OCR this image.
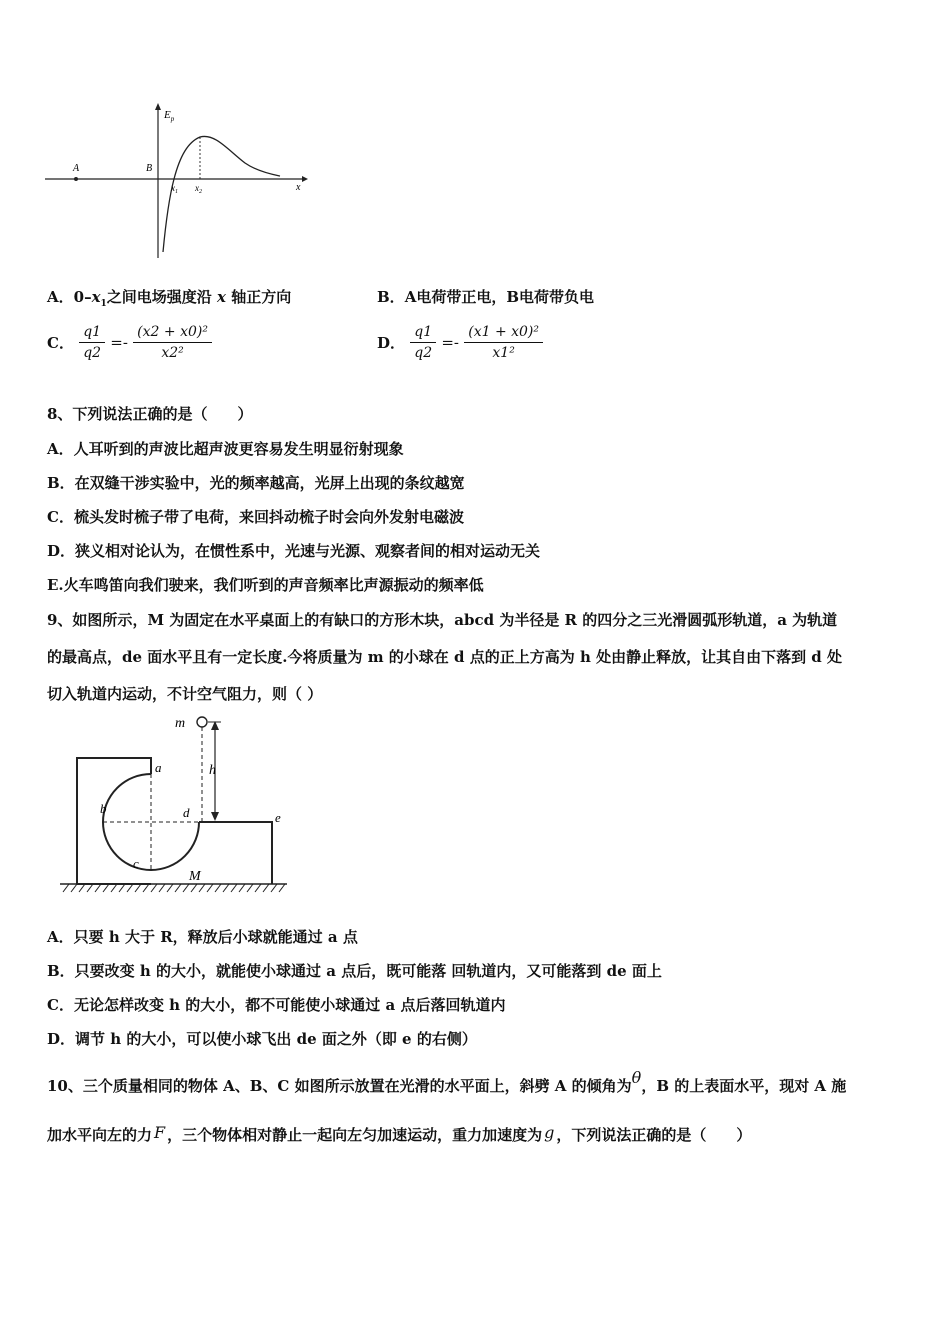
$E_p$
x
A	B
$x_1$ $x_2$
A．$0-x_1$之间电场强度沿 x 轴正方向	B．A电荷带正电，B电荷带负电
C． $\frac{q1}{q2} =- \frac{\text{(x2 + x0)²}}{\text{x2²}}$	D． $\frac{q1}{q2} =- \frac{\text{(x1 + x0)²}}{\text{x1²}}$
8、下列说法正确的是（　　）
A．人耳听到的声波比超声波更容易发生明显衍射现象
B．在双缝干涉实验中，光的频率越高，光屏上出现的条纹越宽
C．梳头发时梳子带了电荷，来回抖动梳子时会向外发射电磁波
D．狭义相对论认为，在惯性系中，光速与光源、观察者间的相对运动无关
E.火车鸣笛向我们驶来，我们听到的声音频率比声源振动的频率低
9、如图所示，M 为固定在水平桌面上的有缺口的方形木块，abcd 为半径是 R 的四分之三光滑圆弧形轨道，a 为轨道
的最高点，de 面水平且有一定长度.今将质量为 m 的小球在 d 点的正上方高为 h 处由静止释放，让其自由下落到 d 处
切入轨道内运动，不计空气阻力，则（ ）
m
h
a
b
c
d	e
M
A．只要 h 大于 R，释放后小球就能通过 a 点
B．只要改变 h 的大小，就能使小球通过 a 点后，既可能落 回轨道内，又可能落到 de 面上
C．无论怎样改变 h 的大小，都不可能使小球通过 a 点后落回轨道内
D．调节 h 的大小，可以使小球飞出 de 面之外（即 e 的右侧）
10、三个质量相同的物体 A、B、C 如图所示放置在光滑的水平面上，斜劈 A 的倾角为θ，B 的上表面水平，现对 A 施
加水平向左的力 F ，三个物体相对静止一起向左匀加速运动，重力加速度为 g ，下列说法正确的是（　　）
